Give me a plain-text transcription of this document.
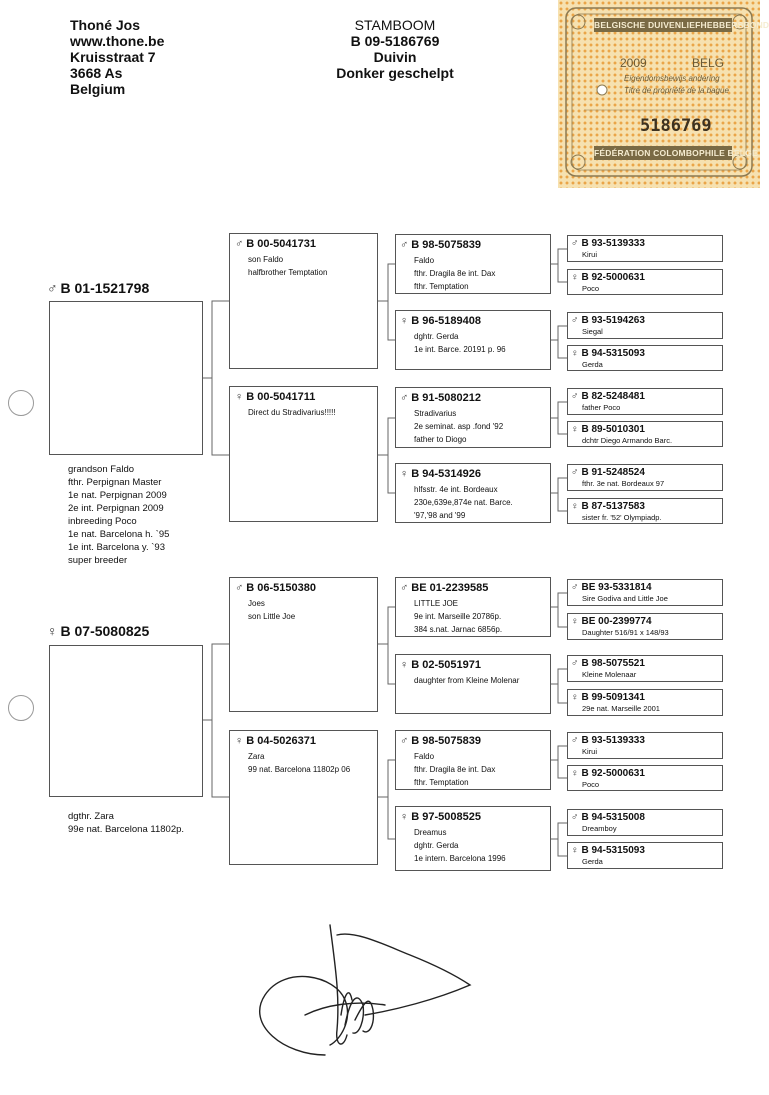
Thoné Jos
www.thone.be
Kruisstraat 7
3668 As
Belgium
STAMBOOM
B 09-5186769
Duivin
Donker geschelpt
BELGISCHE DUIVENLIEFHEBBERSBOND
2009	BELG
Eigendomsbewijs andering
Titre de propriété de la bague
5186769
FÉDÉRATION COLOMBOPHILE BELGE
♂ B 01-1521798
grandson Faldo
fthr. Perpignan Master
1e nat. Perpignan 2009
2e int. Perpignan 2009
inbreeding Poco
1e nat. Barcelona h. `95
1e int. Barcelona y. `93
super breeder
♀ B 07-5080825
dgthr. Zara
99e nat. Barcelona 11802p.
♂ B 00-5041731
son Faldo
halfbrother Temptation
♀ B 00-5041711
Direct du Stradivarius!!!!!
♂ B 06-5150380
Joes
son Little Joe
♀ B 04-5026371
Zara
99 nat. Barcelona 11802p 06
♂ B 98-5075839
Faldo
fthr. Dragila 8e int. Dax
fthr. Temptation
♀ B 96-5189408
dghtr. Gerda
1e int. Barce. 20191 p. 96
♂ B 91-5080212
Stradivarius
2e seminat. asp .fond '92
father to Diogo
♀ B 94-5314926
hlfsstr. 4e int. Bordeaux
230e,639e,874e nat. Barce.
'97,'98 and '99
♂ BE 01-2239585
LITTLE JOE
9e int. Marseille 20786p.
384 s.nat. Jarnac 6856p.
♀ B 02-5051971
daughter from Kleine Molenar
♂ B 98-5075839
Faldo
fthr. Dragila 8e int. Dax
fthr. Temptation
♀ B 97-5008525
Dreamus
dghtr. Gerda
1e intern. Barcelona 1996
♂ B 93-5139333
Kirui
♀ B 92-5000631
Poco
♂ B 93-5194263
Siegal
♀ B 94-5315093
Gerda
♂ B 82-5248481
father Poco
♀ B 89-5010301
dchtr Diego Armando Barc.
♂ B 91-5248524
fthr. 3e nat. Bordeaux 97
♀ B 87-5137583
sister fr. '52' Olympiadp.
♂ BE 93-5331814
Sire Godiva and Little Joe
♀ BE 00-2399774
Daughter 516/91 x 148/93
♂ B 98-5075521
Kleine Molenaar
♀ B 99-5091341
29e nat. Marseille 2001
♂ B 93-5139333
Kirui
♀ B 92-5000631
Poco
♂ B 94-5315008
Dreamboy
♀ B 94-5315093
Gerda
